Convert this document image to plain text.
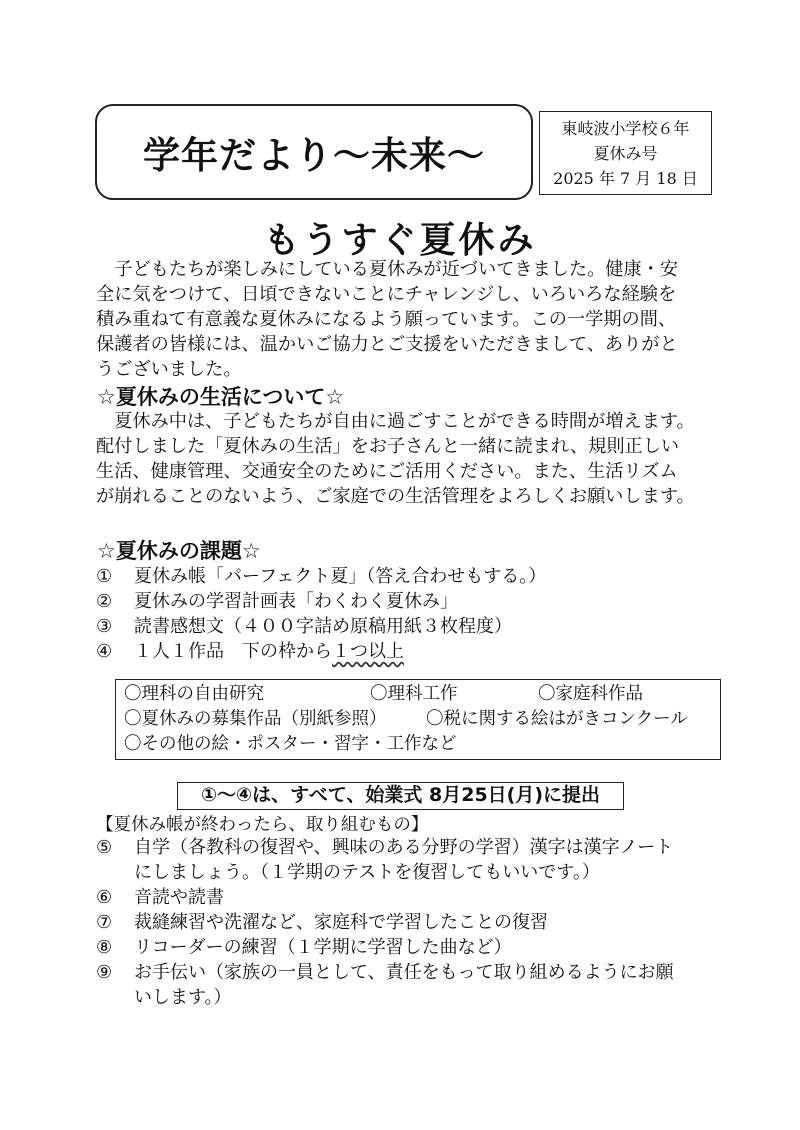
学年だより～未来～
東岐波小学校６年
夏休み号
2025 年 7 月 18 日
もうすぐ夏休み
　子どもたちが楽しみにしている夏休みが近づいてきました。健康・安
全に気をつけて、日頃できないことにチャレンジし、いろいろな経験を
積み重ねて有意義な夏休みになるよう願っています。この一学期の間、
保護者の皆様には、温かいご協力とご支援をいただきまして、ありがと
うございました。
☆夏休みの生活について☆
　夏休み中は、子どもたちが自由に過ごすことができる時間が増えます。
配付しました「夏休みの生活」をお子さんと一緒に読まれ、規則正しい
生活、健康管理、交通安全のためにご活用ください。また、生活リズム
が崩れることのないよう、ご家庭での生活管理をよろしくお願いします。
☆夏休みの課題☆
①	夏休み帳「パーフェクト夏」（答え合わせもする。）
②	夏休みの学習計画表「わくわく夏休み」
③	読書感想文（４００字詰め原稿用紙３枚程度）
④	１人１作品　下の枠から １つ以上
〇理科の自由研究	〇理科工作	〇家庭科作品
〇夏休みの募集作品（別紙参照）	〇税に関する絵はがきコンクール
〇その他の絵・ポスター・習字・工作など
①～④は、すべて、始業式 8月25日(月)に提出
【夏休み帳が終わったら、取り組むもの】
⑤	自学（各教科の復習や、興味のある分野の学習）漢字は漢字ノート
にしましょう。（１学期のテストを復習してもいいです。）
⑥	音読や読書
⑦	裁縫練習や洗濯など、家庭科で学習したことの復習
⑧	リコーダーの練習（１学期に学習した曲など）
⑨	お手伝い（家族の一員として、責任をもって取り組めるようにお願
いします。）
